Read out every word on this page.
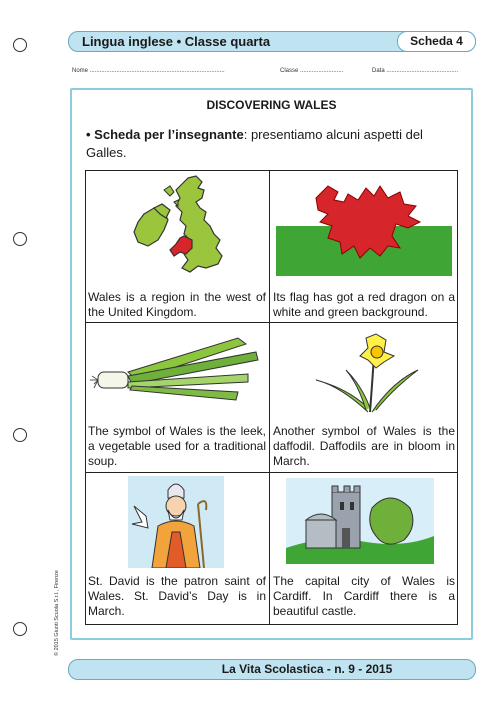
Lingua inglese • Classe quarta	Scheda 4
Nome .................................................................................	Classe ..........................	Data ...........................................
DISCOVERING WALES
• Scheda per l’insegnante: presentiamo alcuni aspetti del Galles.
Wales is a region in the west of the United Kingdom.
Its flag has got a red dragon on a white and green background.
The symbol of Wales is the leek, a vegetable used for a traditional soup.
Another symbol of Wales is the daffodil. Daffodils are in bloom in March.
St. David is the patron saint of Wales. St. David’s Day is in March.
The capital city of Wales is Cardiff. In Cardiff there is a beautiful castle.
© 2015 Giunti Scuola S.r.l., Firenze
La Vita Scolastica - n. 9 - 2015
